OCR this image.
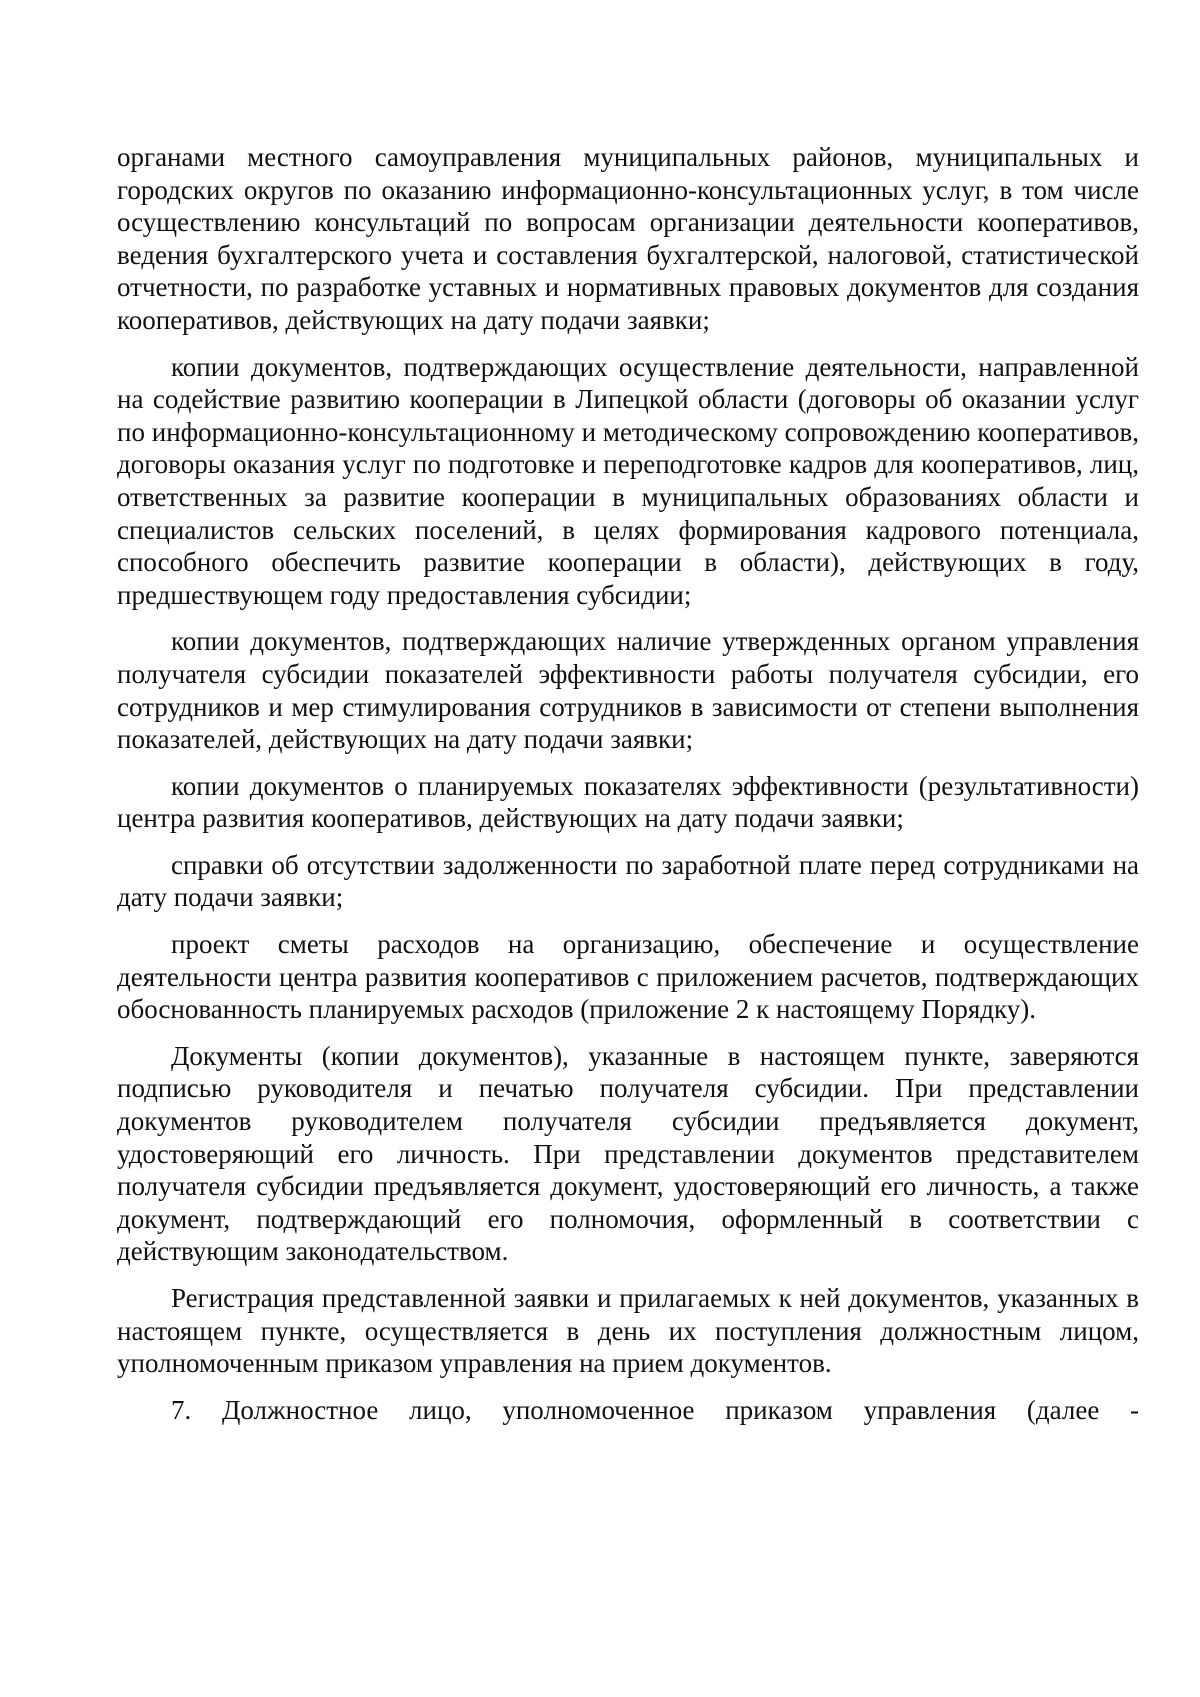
органами местного самоуправления муниципальных районов, муниципальных и городских округов по оказанию информационно-консультационных услуг, в том числе осуществлению консультаций по вопросам организации деятельности кооперативов, ведения бухгалтерского учета и составления бухгалтерской, налоговой, статистической отчетности, по разработке уставных и нормативных правовых документов для создания кооперативов, действующих на дату подачи заявки;

копии документов, подтверждающих осуществление деятельности, направленной на содействие развитию кооперации в Липецкой области (договоры об оказании услуг по информационно-консультационному и методическому сопровождению кооперативов, договоры оказания услуг по подготовке и переподготовке кадров для кооперативов, лиц, ответственных за развитие кооперации в муниципальных образованиях области и специалистов сельских поселений, в целях формирования кадрового потенциала, способного обеспечить развитие кооперации в области), действующих в году, предшествующем году предоставления субсидии;

копии документов, подтверждающих наличие утвержденных органом управления получателя субсидии показателей эффективности работы получателя субсидии, его сотрудников и мер стимулирования сотрудников в зависимости от степени выполнения показателей, действующих на дату подачи заявки;

копии документов о планируемых показателях эффективности (результативности) центра развития кооперативов, действующих на дату подачи заявки;

справки об отсутствии задолженности по заработной плате перед сотрудниками на дату подачи заявки;

проект сметы расходов на организацию, обеспечение и осуществление деятельности центра развития кооперативов с приложением расчетов, подтверждающих обоснованность планируемых расходов (приложение 2 к настоящему Порядку).

Документы (копии документов), указанные в настоящем пункте, заверяются подписью руководителя и печатью получателя субсидии. При представлении документов руководителем получателя субсидии предъявляется документ, удостоверяющий его личность. При представлении документов представителем получателя субсидии предъявляется документ, удостоверяющий его личность, а также документ, подтверждающий его полномочия, оформленный в соответствии с действующим законодательством.

Регистрация представленной заявки и прилагаемых к ней документов, указанных в настоящем пункте, осуществляется в день их поступления должностным лицом, уполномоченным приказом управления на прием документов.

7. Должностное лицо, уполномоченное приказом управления (далее -
